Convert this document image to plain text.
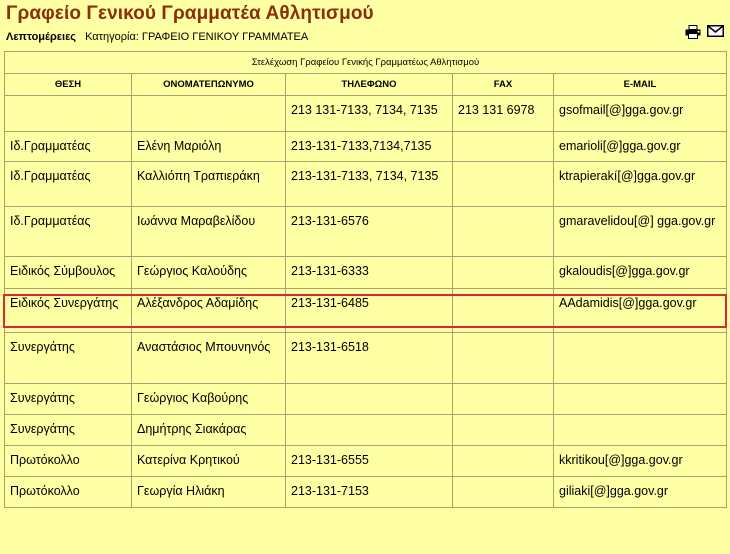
Γραφείο Γενικού Γραμματέα Αθλητισμού
Λεπτομέρειες Κατηγορία: ΓΡΑΦΕΙΟ ΓΕΝΙΚΟΥ ΓΡΑΜΜΑΤΕΑ
Στελέχωση Γραφείου Γενικής Γραμματέως Αθλητισμού				
ΘΕΣΗ	ΟΝΟΜΑΤΕΠΩΝΥΜΟ	ΤΗΛΕΦΩΝΟ	FAX	E-MAIL
		213 131-7133, 7134, 7135	213 131 6978	gsofmail[@]gga.gov.gr
Ιδ.Γραμματέας	Ελένη Μαριόλη	213-131-7133,7134,7135		emarioli[@]gga.gov.gr
Ιδ.Γραμματέας	Καλλιόπη Τραπιεράκη	213-131-7133, 7134, 7135		ktrapierakí[@]gga.gov.gr
Ιδ.Γραμματέας	Ιωάννα Μαραβελίδου	213-131-6576		gmaravelidou[@] gga.gov.gr
Ειδικός Σύμβουλος	Γεώργιος Καλούδης	213-131-6333		gkaloudis[@]gga.gov.gr
Ειδικός Συνεργάτης	Αλέξανδρος Αδαμίδης	213-131-6485		AAdamidis[@]gga.gov.gr
Συνεργάτης	Αναστάσιος Μπουνηνός	213-131-6518		
Συνεργάτης	Γεώργιος Καβούρης			
Συνεργάτης	Δημήτρης Σιακάρας			
Πρωτόκολλο	Κατερίνα Κρητικού	213-131-6555		kkritikou[@]gga.gov.gr
Πρωτόκολλο	Γεωργία Ηλιάκη	213-131-7153		giliaki[@]gga.gov.gr
